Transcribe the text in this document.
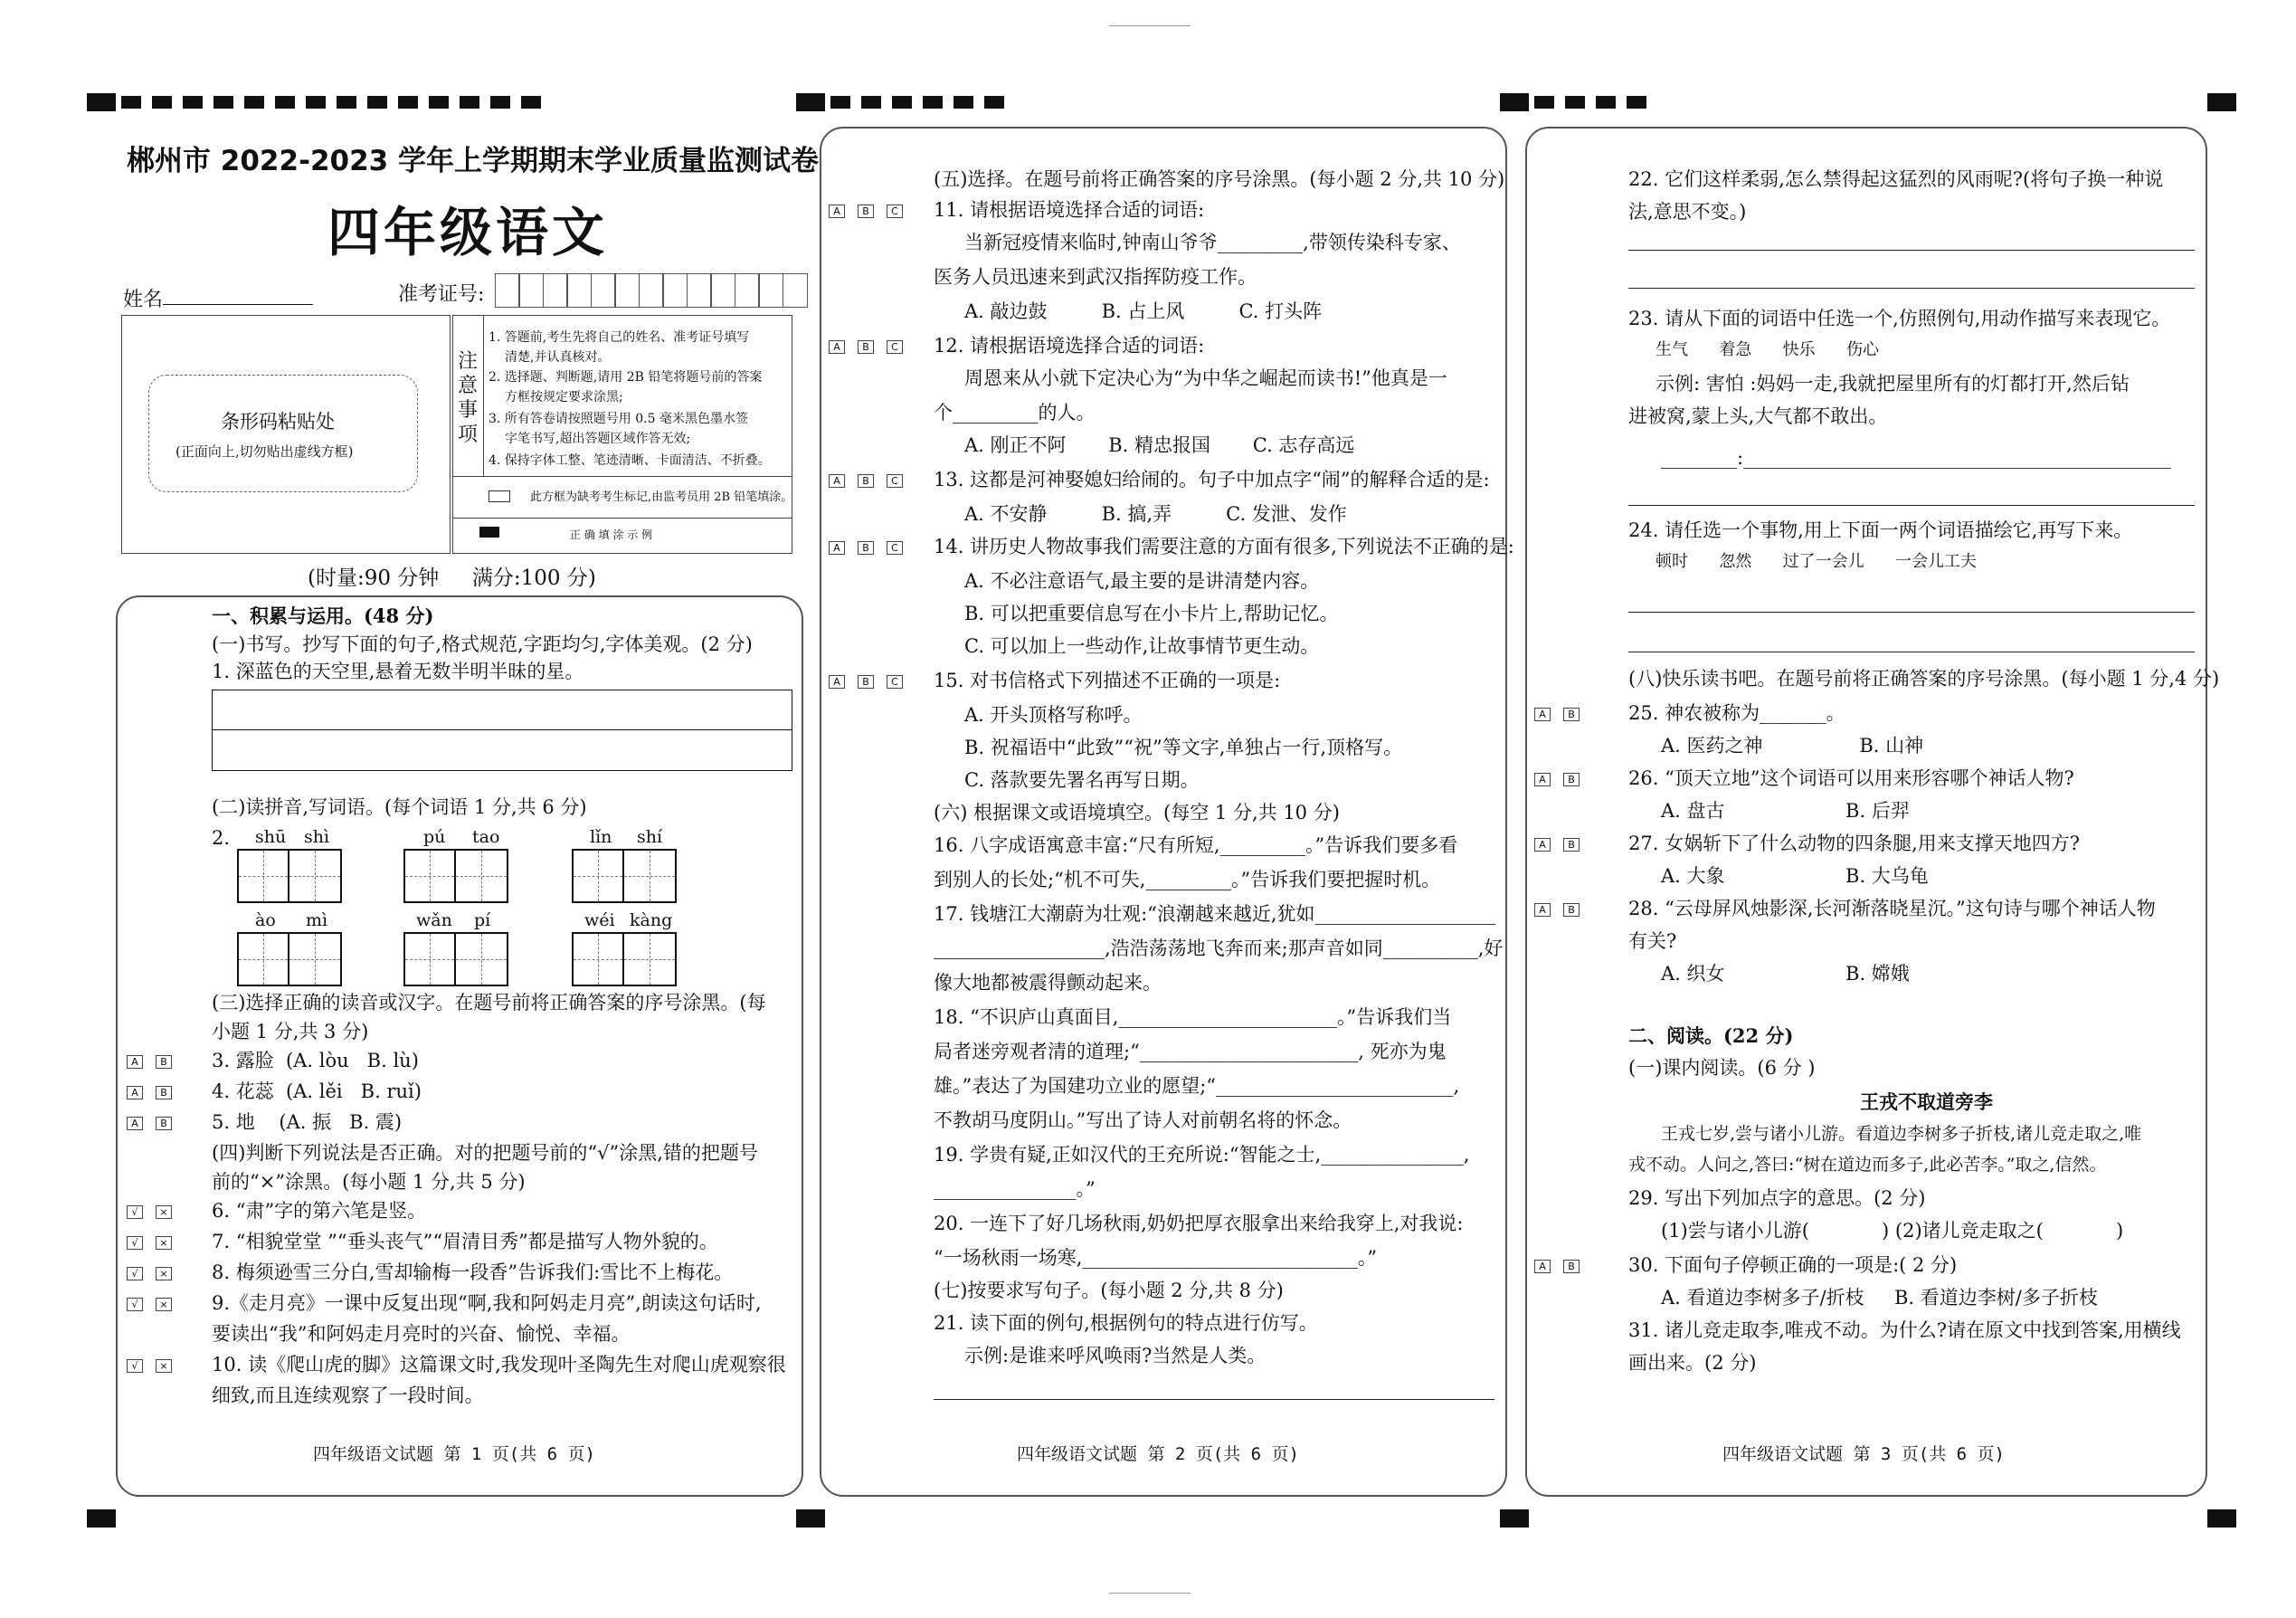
郴州市 2022-2023 学年上学期期末学业质量监测试卷
四年级语文
姓名	准考证号:
条形码粘贴处
(正面向上,切勿贴出虚线方框)
注意事项
1. 答题前,考生先将自己的姓名、准考证号填写
清楚,并认真核对。
2. 选择题、判断题,请用 2B 铅笔将题号前的答案
方框按规定要求涂黑;
3. 所有答卷请按照题号用 0.5 毫米黑色墨水签
字笔书写,超出答题区域作答无效;
4. 保持字体工整、笔迹清晰、卡面清洁、不折叠。
此方框为缺考考生标记,由监考员用 2B 铅笔填涂。
正 确 填 涂 示 例
(时量:90 分钟     满分:100 分)
一、积累与运用。(48 分)
(一)书写。抄写下面的句子,格式规范,字距均匀,字体美观。(2 分)
1. 深蓝色的天空里,悬着无数半明半昧的星。
(二)读拼音,写词语。(每个词语 1 分,共 6 分)
2. shū shì	pú tao	lǐn shí
ào mì	wǎn pí	wéi kàng
(三)选择正确的读音或汉字。在题号前将正确答案的序号涂黑。(每
小题 1 分,共 3 分)
A B	3. 露脸  (A. lòu   B. lù)
A B	4. 花蕊  (A. lěi   B. ruǐ)
A B	5. 地    (A. 振   B. 震)
(四)判断下列说法是否正确。对的把题号前的“√”涂黑,错的把题号
前的“×”涂黑。(每小题 1 分,共 5 分)
√ ×	6. “肃”字的第六笔是竖。
√ ×	7. “相貌堂堂 ”“垂头丧气”“眉清目秀”都是描写人物外貌的。
√ ×	8. 梅须逊雪三分白,雪却输梅一段香”告诉我们:雪比不上梅花。
√ ×	9.《走月亮》一课中反复出现“啊,我和阿妈走月亮”,朗读这句话时,
要读出“我”和阿妈走月亮时的兴奋、愉悦、幸福。
√ ×	10. 读《爬山虎的脚》这篇课文时,我发现叶圣陶先生对爬山虎观察很
细致,而且连续观察了一段时间。
四年级语文试题 第 1 页(共 6 页)
(五)选择。在题号前将正确答案的序号涂黑。(每小题 2 分,共 10 分)
A B C	11. 请根据语境选择合适的词语:
当新冠疫情来临时,钟南山爷爷_________,带领传染科专家、
医务人员迅速来到武汉指挥防疫工作。
A. 敲边鼓         B. 占上风         C. 打头阵
A B C	12. 请根据语境选择合适的词语:
周恩来从小就下定决心为“为中华之崛起而读书!”他真是一
个_________的人。
A. 刚正不阿       B. 精忠报国       C. 志存高远
A B C	13. 这都是河神娶媳妇给闹的。句子中加点字“闹”的解释合适的是:
A. 不安静         B. 搞,弄         C. 发泄、发作
A B C	14. 讲历史人物故事我们需要注意的方面有很多,下列说法不正确的是:
A. 不必注意语气,最主要的是讲清楚内容。
B. 可以把重要信息写在小卡片上,帮助记忆。
C. 可以加上一些动作,让故事情节更生动。
A B C	15. 对书信格式下列描述不正确的一项是:
A. 开头顶格写称呼。
B. 祝福语中“此致”“祝”等文字,单独占一行,顶格写。
C. 落款要先署名再写日期。
(六) 根据课文或语境填空。(每空 1 分,共 10 分)
16. 八字成语寓意丰富:“尺有所短,_________。”告诉我们要多看
到别人的长处;“机不可失,_________。”告诉我们要把握时机。
17. 钱塘江大潮蔚为壮观:“浪潮越来越近,犹如___________________
__________________,浩浩荡荡地飞奔而来;那声音如同__________,好
像大地都被震得颤动起来。
18. “不识庐山真面目,_______________________。”告诉我们当
局者迷旁观者清的道理;“_______________________, 死亦为鬼
雄。”表达了为国建功立业的愿望;“_________________________,
不教胡马度阴山。”写出了诗人对前朝名将的怀念。
19. 学贵有疑,正如汉代的王充所说:“智能之士,_______________,
_______________。”
20. 一连下了好几场秋雨,奶奶把厚衣服拿出来给我穿上,对我说:
“一场秋雨一场寒,_____________________________。”
(七)按要求写句子。(每小题 2 分,共 8 分)
21. 读下面的例句,根据例句的特点进行仿写。
示例:是谁来呼风唤雨?当然是人类。
四年级语文试题 第 2 页(共 6 页)
22. 它们这样柔弱,怎么禁得起这猛烈的风雨呢?(将句子换一种说
法,意思不变。)
23. 请从下面的词语中任选一个,仿照例句,用动作描写来表现它。
生气      着急      快乐      伤心
示例: 害怕 :妈妈一走,我就把屋里所有的灯都打开,然后钻
进被窝,蒙上头,大气都不敢出。
________:_____________________________________________
24. 请任选一个事物,用上下面一两个词语描绘它,再写下来。
顿时      忽然      过了一会儿      一会儿工夫
(八)快乐读书吧。在题号前将正确答案的序号涂黑。(每小题 1 分,4 分)
A B	25. 神农被称为_______。
A. 医药之神                B. 山神
A B	26. “顶天立地”这个词语可以用来形容哪个神话人物?
A. 盘古                    B. 后羿
A B	27. 女娲斩下了什么动物的四条腿,用来支撑天地四方?
A. 大象                    B. 大乌龟
A B	28. “云母屏风烛影深,长河渐落晓星沉。”这句诗与哪个神话人物
有关?
A. 织女                    B. 嫦娥
二、阅读。(22 分)
(一)课内阅读。(6 分 )
王戎不取道旁李
王戎七岁,尝与诸小儿游。看道边李树多子折枝,诸儿竞走取之,唯
戎不动。人问之,答曰:“树在道边而多子,此必苦李。”取之,信然。
29. 写出下列加点字的意思。(2 分)
(1)尝与诸小儿游(            ) (2)诸儿竞走取之(            )
A B	30. 下面句子停顿正确的一项是:( 2 分)
A. 看道边李树多子/折枝     B. 看道边李树/多子折枝
31. 诸儿竞走取李,唯戎不动。为什么?请在原文中找到答案,用横线
画出来。(2 分)
四年级语文试题 第 3 页(共 6 页)
